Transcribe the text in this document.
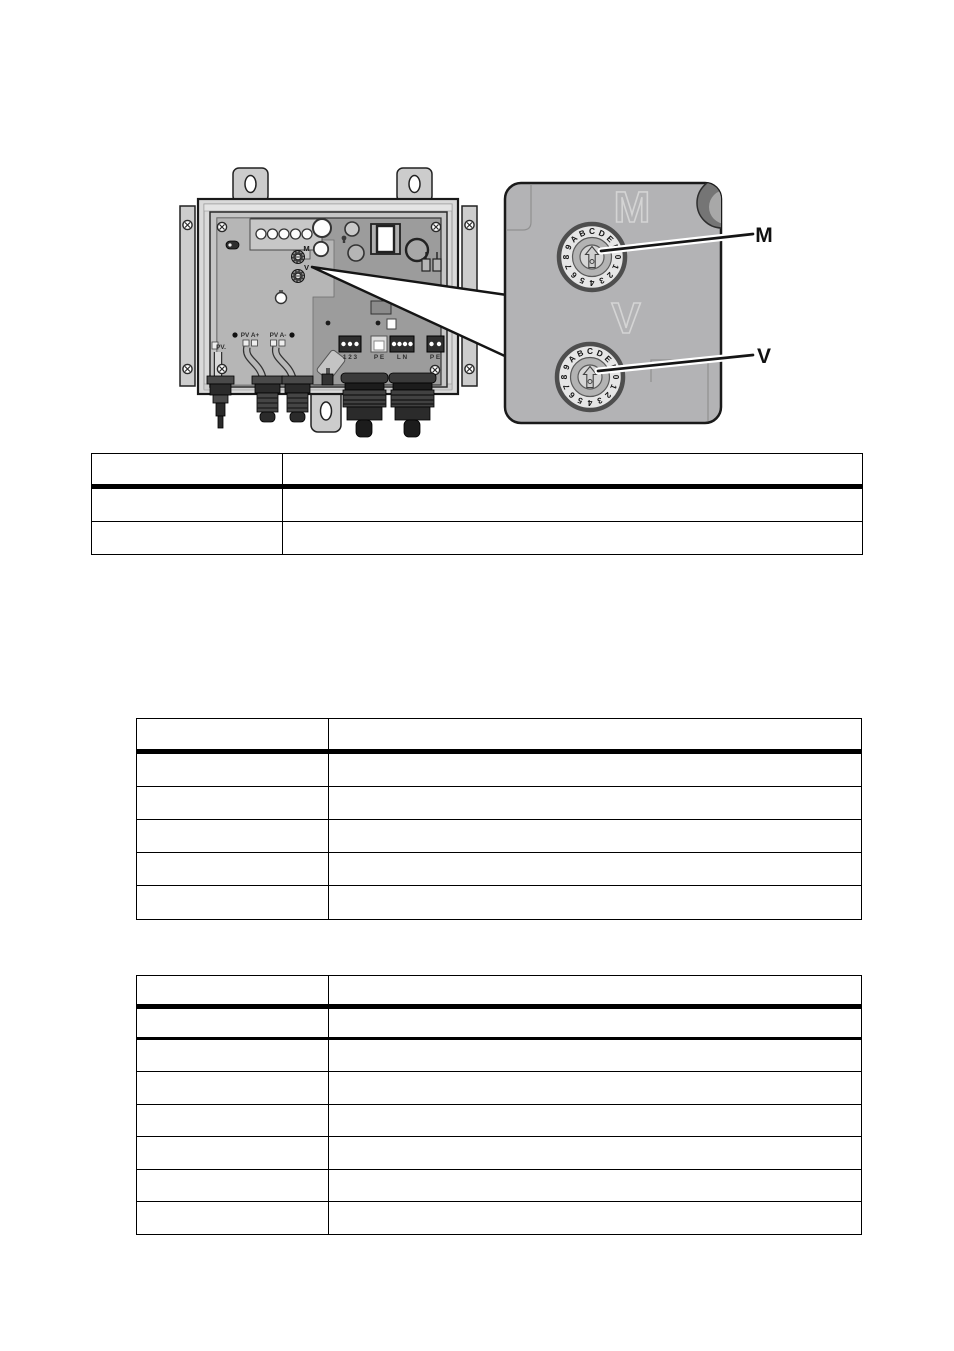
M
V
PV A+ PV A-
PV.
1 2 3	P E L N	P E
M
V
0
1
2
3
4
5
6
7
8
9
A
B C D
E
F
0
1
2
3
4
5
6
7
8
9
A
B C D
E
F
M
V
